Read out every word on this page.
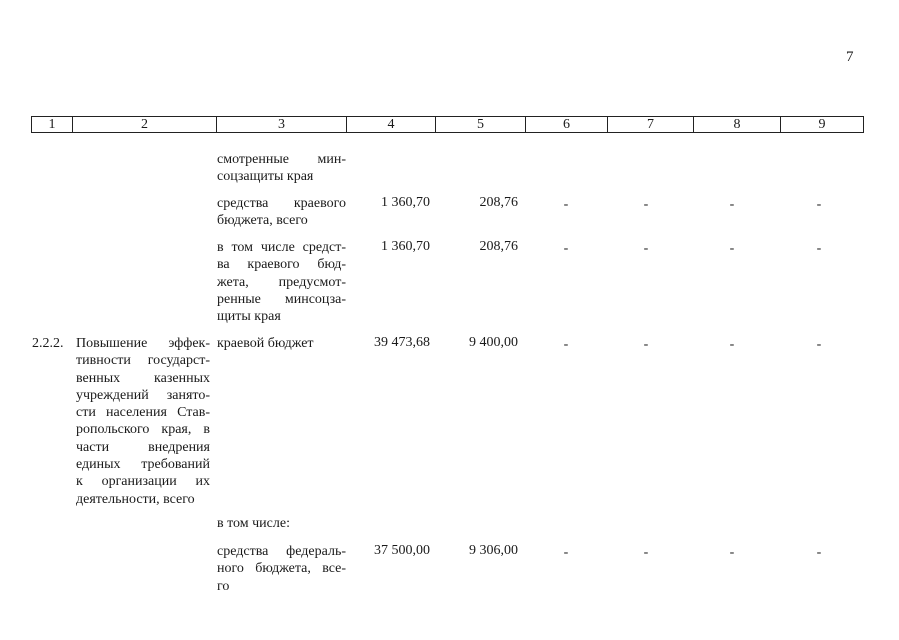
7
1	2	3	4	5	6	7	8	9
смотренные мин-
соцзащиты края
средства краевого
бюджета, всего
1 360,70	208,76	-	-	-	-
в том числе средст-
ва краевого бюд-
жета, предусмот-
ренные минсоцза-
щиты края
1 360,70	208,76	-	-	-	-
2.2.2. Повышение эффек-
тивности государст-
венных казенных
учреждений занято-
сти населения Став-
ропольского края, в
части внедрения
единых требований
к организации их
деятельности, всего
краевой бюджет	39 473,68	9 400,00	-	-	-	-
в том числе:
средства федераль-
ного бюджета, все-
го
37 500,00	9 306,00	-	-	-	-
